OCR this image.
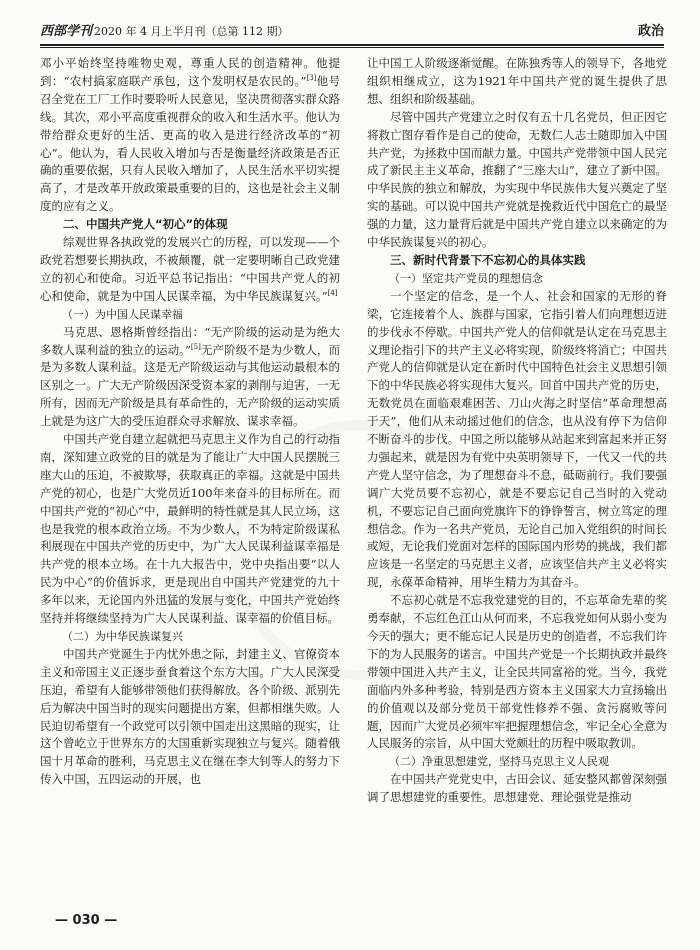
西部学刊 2020 年 4 月上半月刊（总第 112 期）	政治

邓小平始终坚持唯物史观，尊重人民的创造精神。他提到：“农村搞家庭联产承包，这个发明权是农民的。”[3]他号召全党在工厂工作时要聆听人民意见，坚决贯彻落实群众路线。其次，邓小平高度重视群众的收入和生活水平。他认为带给群众更好的生活、更高的收入是进行经济改革的“初心”。他认为，看人民收入增加与否是衡量经济政策是否正确的重要依据，只有人民收入增加了，人民生活水平切实提高了，才是改革开放政策最重要的目的，这也是社会主义制度的应有之义。

二、中国共产党人“初心”的体现

综观世界各执政党的发展兴亡的历程，可以发现——个政党若想要长期执政，不被颠覆，就一定要明晰自己政党建立的初心和使命。习近平总书记指出：“中国共产党人的初心和使命，就是为中国人民谋幸福，为中华民族谋复兴。”[4]

（一）为中国人民谋幸福

马克思、恩格斯曾经指出：“无产阶级的运动是为绝大多数人谋利益的独立的运动。”[5]无产阶级不是为少数人，而是为多数人谋利益。这是无产阶级运动与其他运动最根本的区别之一。广大无产阶级因深受资本家的剥削与迫害，一无所有，因而无产阶级是具有革命性的，无产阶级的运动实质上就是为这广大的受压迫群众寻求解放、谋求幸福。

中国共产党自建立起就把马克思主义作为自己的行动指南，深知建立政党的目的就是为了能让广大中国人民摆脱三座大山的压迫，不被欺辱，获取真正的幸福。这就是中国共产党的初心，也是广大党员近100年来奋斗的目标所在。而中国共产党的“初心”中，最鲜明的特性就是其人民立场，这也是我党的根本政治立场。不为少数人，不为特定阶级谋私利展现在中国共产党的历史中，为广大人民谋利益谋幸福是共产党的根本立场。在十九大报告中，党中央指出要“以人民为中心”的价值诉求，更是现出自中国共产党建党的九十多年以来，无论国内外迅猛的发展与变化，中国共产党始终坚持并将继续坚持为广大人民谋利益、谋幸福的价值目标。

（二）为中华民族谋复兴

中国共产党诞生于内忧外患之际，封建主义、官僚资本主义和帝国主义正逐步蚕食着这个东方大国。广大人民深受压迫，希望有人能够带领他们获得解放。各个阶级、派别先后为解决中国当时的现实问题提出方案，但都相继失败。人民迫切希望有一个政党可以引领中国走出这黑暗的现实，让这个曾屹立于世界东方的大国重新实现独立与复兴。随着俄国十月革命的胜利，马克思主义在继在李大钊等人的努力下传入中国，五四运动的开展，也

让中国工人阶级逐渐觉醒。在陈独秀等人的领导下，各地党组织相继成立，这为1921年中国共产党的诞生提供了思想、组织和阶级基础。

尽管中国共产党建立之时仅有五十几名党员，但正因它将救亡图存看作是自己的使命，无数仁人志士随即加入中国共产党，为拯救中国而献力量。中国共产党带领中国人民完成了新民主主义革命，推翻了“三座大山”，建立了新中国。中华民族的独立和解放，为实现中华民族伟大复兴奠定了坚实的基础。可以说中国共产党就是挽救近代中国危亡的最坚强的力量，这力量背后就是中国共产党自建立以来确定的为中华民族谋复兴的初心。

三、新时代背景下不忘初心的具体实践
（一）坚定共产党员的理想信念

一个坚定的信念，是一个人、社会和国家的无形的脊梁，它连接着个人、族群与国家，它指引着人们向理想迈进的步伐永不停歇。中国共产党人的信仰就是认定在马克思主义理论指引下的共产主义必将实现，阶级终将消亡；中国共产党人的信仰就是认定在新时代中国特色社会主义思想引领下的中华民族必将实现伟大复兴。回首中国共产党的历史，无数党员在面临艰难困苦、刀山火海之时坚信“革命理想高于天”，他们从未动摇过他们的信念，也从没有停下为信仰不断奋斗的步伐。中国之所以能够从站起来到富起来并正努力强起来，就是因为有党中央英明领导下，一代又一代的共产党人坚守信念，为了理想奋斗不息，砥砺前行。我们要强调广大党员要不忘初心，就是不要忘记自己当时的入党动机，不要忘记自己面向党旗许下的铮铮誓言，树立笃定的理想信念。作为一名共产党员，无论自己加入党组织的时间长或短，无论我们党面对怎样的国际国内形势的挑战，我们都应该是一名坚定的马克思主义者，应该坚信共产主义必将实现，永葆革命精神，用毕生精力为其奋斗。

不忘初心就是不忘我党建党的目的，不忘革命先辈的奖勇奉献，不忘红色江山从何而来，不忘我党如何从弱小变为今天的强大；更不能忘记人民是历史的创造者，不忘我们许下的为人民服务的诺言。中国共产党是一个长期执政并最终带领中国进入共产主义，让全民共同富裕的党。当今，我党面临内外多种考验，特别是西方资本主义国家大力宣扬输出的价值观以及部分党员干部党性修养不强、贪污腐败等问题，因而广大党员必须牢牢把握理想信念，牢记全心全意为人民服务的宗旨，从中国大党颇壮的历程中吸取教训。

（二）净重思想建党，坚持马克思主义人民观

在中国共产党党史中，古田会议、延安整风都曾深刻强调了思想建党的重要性。思想建党、理论强党是推动

— 030 —
